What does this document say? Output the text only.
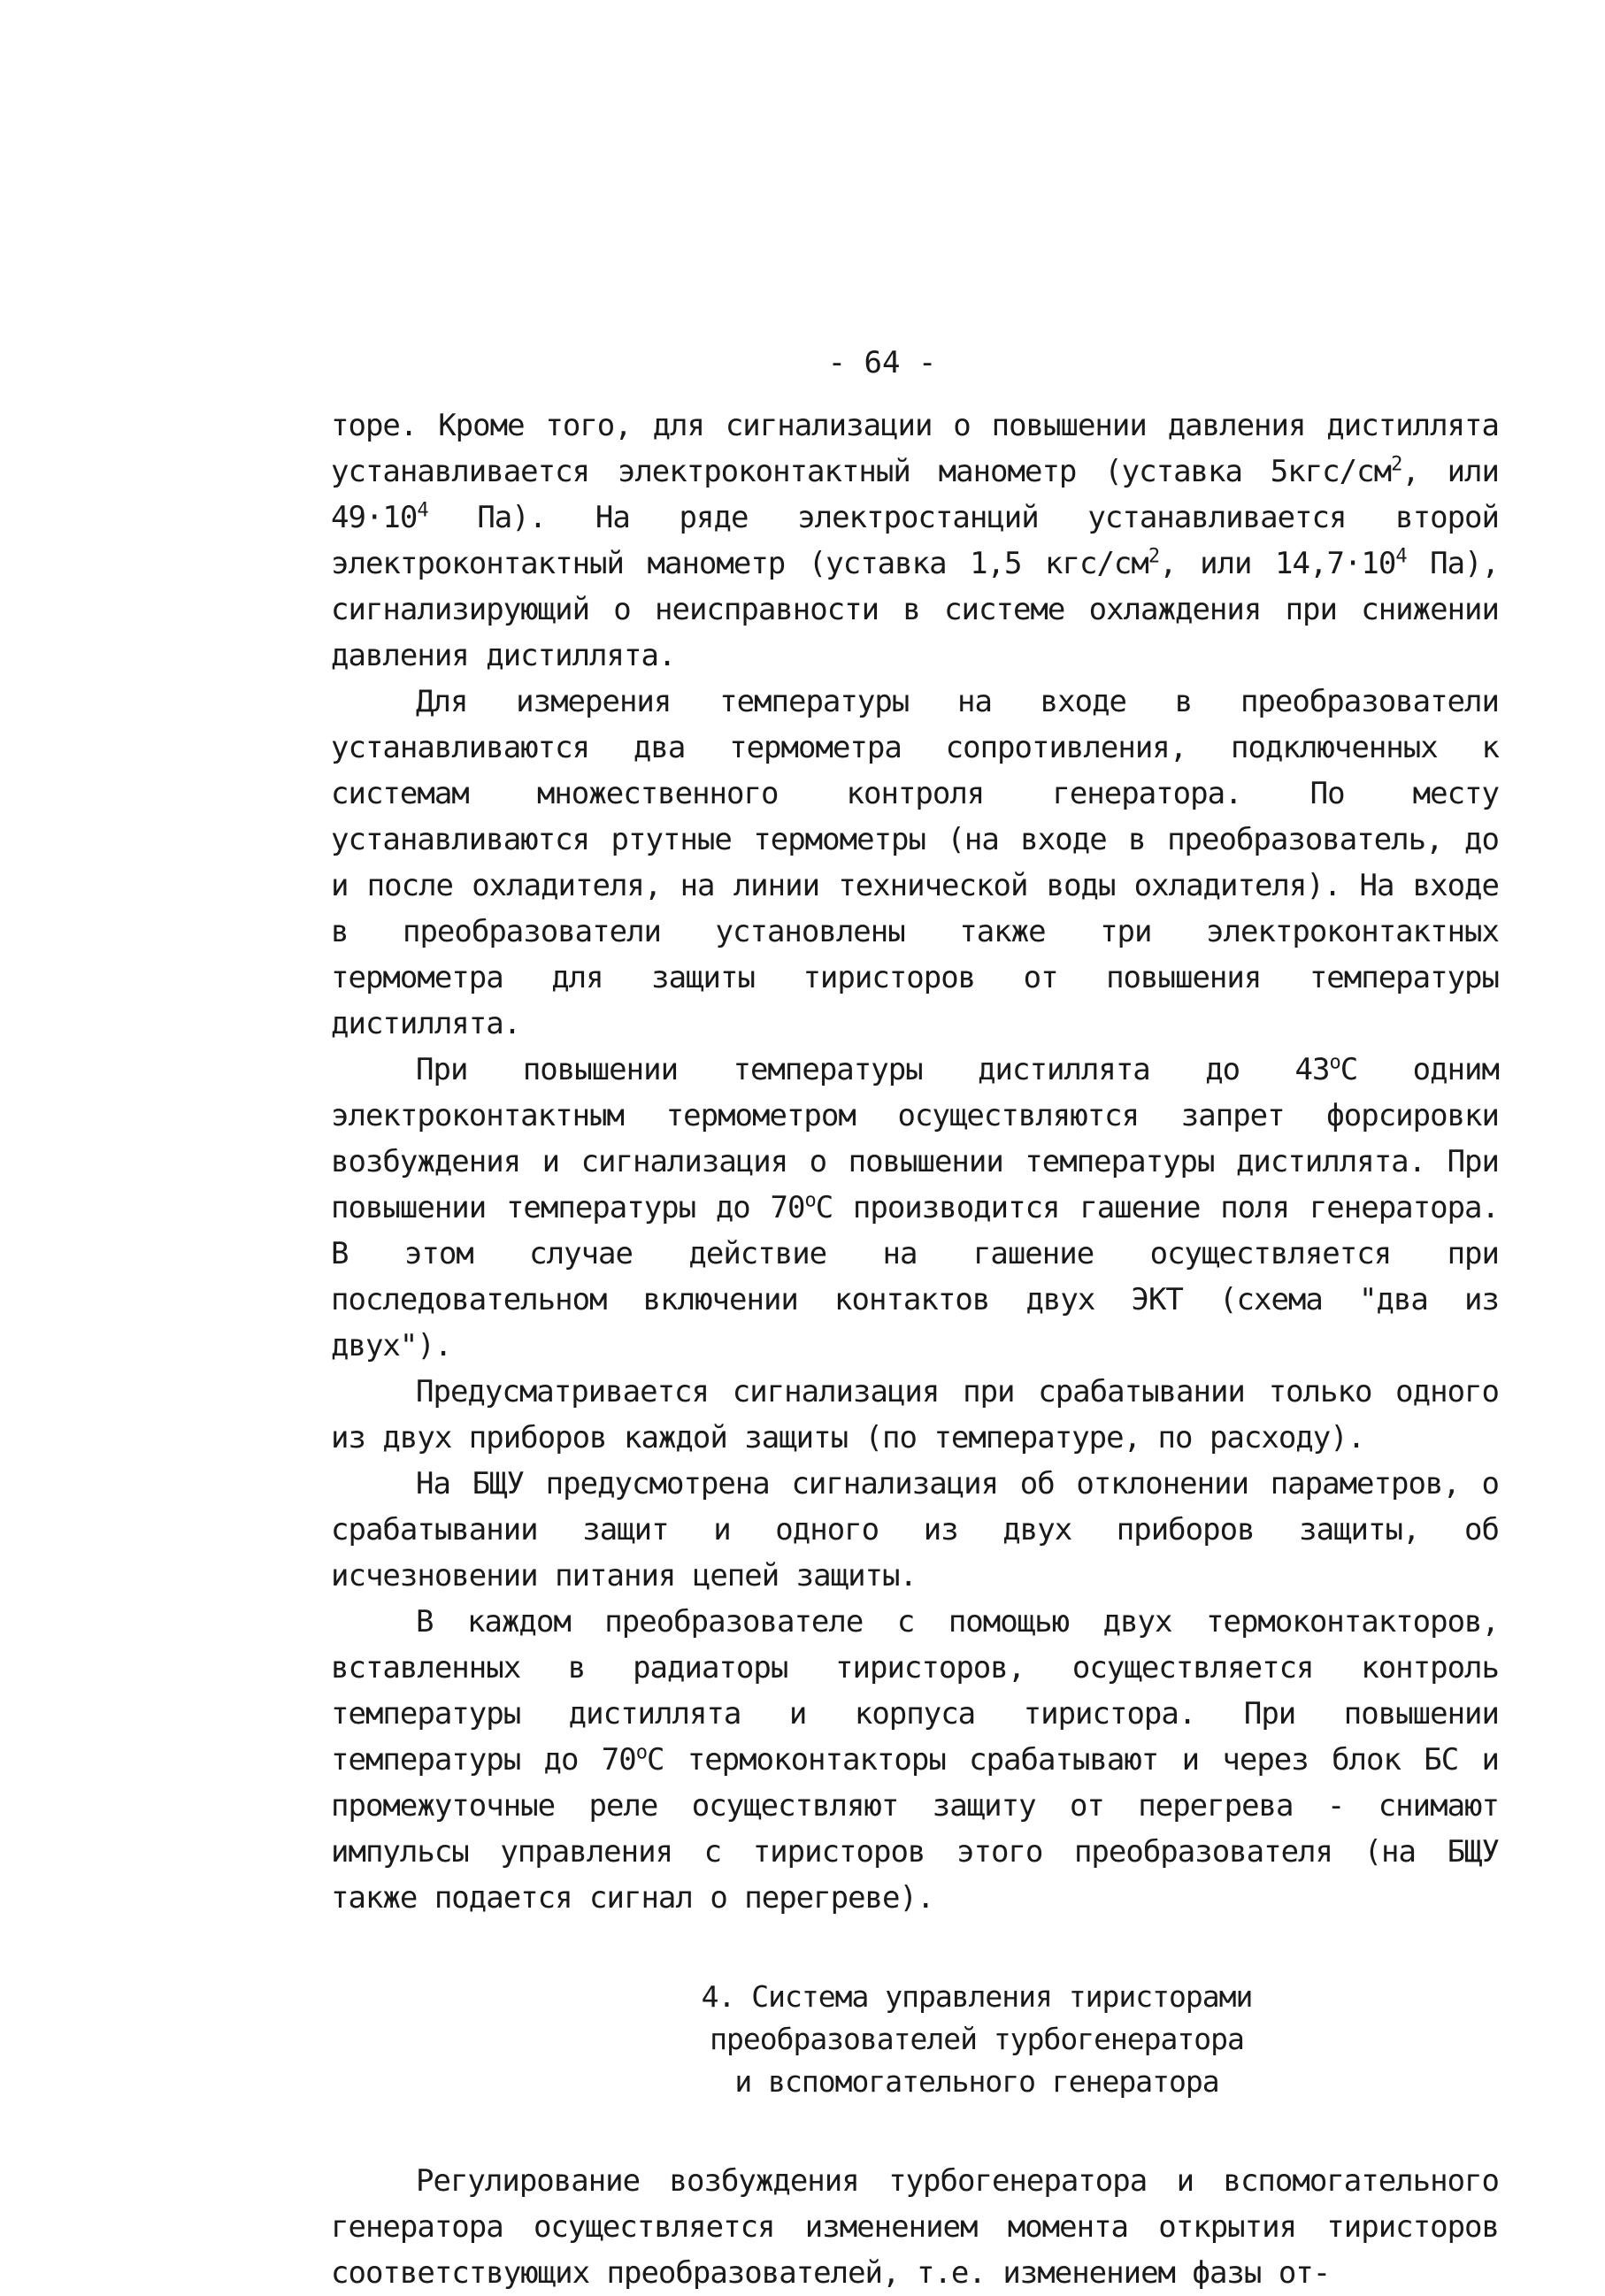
- 64 -

торе. Кроме того, для сигнализации о повышении давления дистиллята устанавливается электроконтактный манометр (уставка $5кгс/см^2$, или $49\cdot 10^4$ Па). На ряде электростанций устанавливается второй электроконтактный манометр (уставка 1,5 кгс/$см^2$, или $14,7\cdot 10^4$ Па), сигнализирующий о неисправности в системе охлаждения при снижении давления дистиллята.

Для измерения температуры на входе в преобразователи устанавливаются два термометра сопротивления, подключенных к системам множественного контроля генератора. По месту устанавливаются ртутные термометры (на входе в преобразователь, до и после охладителя, на линии технической воды охладителя). На входе в преобразователи установлены также три электроконтактных термометра для защиты тиристоров от повышения температуры дистиллята.

При повышении температуры дистиллята до $43^оС$ одним электроконтактным термометром осуществляются запрет форсировки возбуждения и сигнализация о повышении температуры дистиллята. При повышении температуры до $70^оС$ производится гашение поля генератора. В этом случае действие на гашение осуществляется при последовательном включении контактов двух ЭКТ (схема "два из двух").

Предусматривается сигнализация при срабатывании только одного из двух приборов каждой защиты (по температуре, по расходу).

На БЩУ предусмотрена сигнализация об отклонении параметров, о срабатывании защит и одного из двух приборов защиты, об исчезновении питания цепей защиты.

В каждом преобразователе с помощью двух термоконтакторов, вставленных в радиаторы тиристоров, осуществляется контроль температуры дистиллята и корпуса тиристора. При повышении температуры до $70^оС$ термоконтакторы срабатывают и через блок БС и промежуточные реле осуществляют защиту от перегрева - снимают импульсы управления с тиристоров этого преобразователя (на БЩУ также подается сигнал о перегреве).

4. Система управления тиристорами
преобразователей турбогенератора
и вспомогательного генератора

Регулирование возбуждения турбогенератора и вспомогательного генератора осуществляется изменением момента открытия тиристоров соответствующих преобразователей, т.е. изменением фазы от-
